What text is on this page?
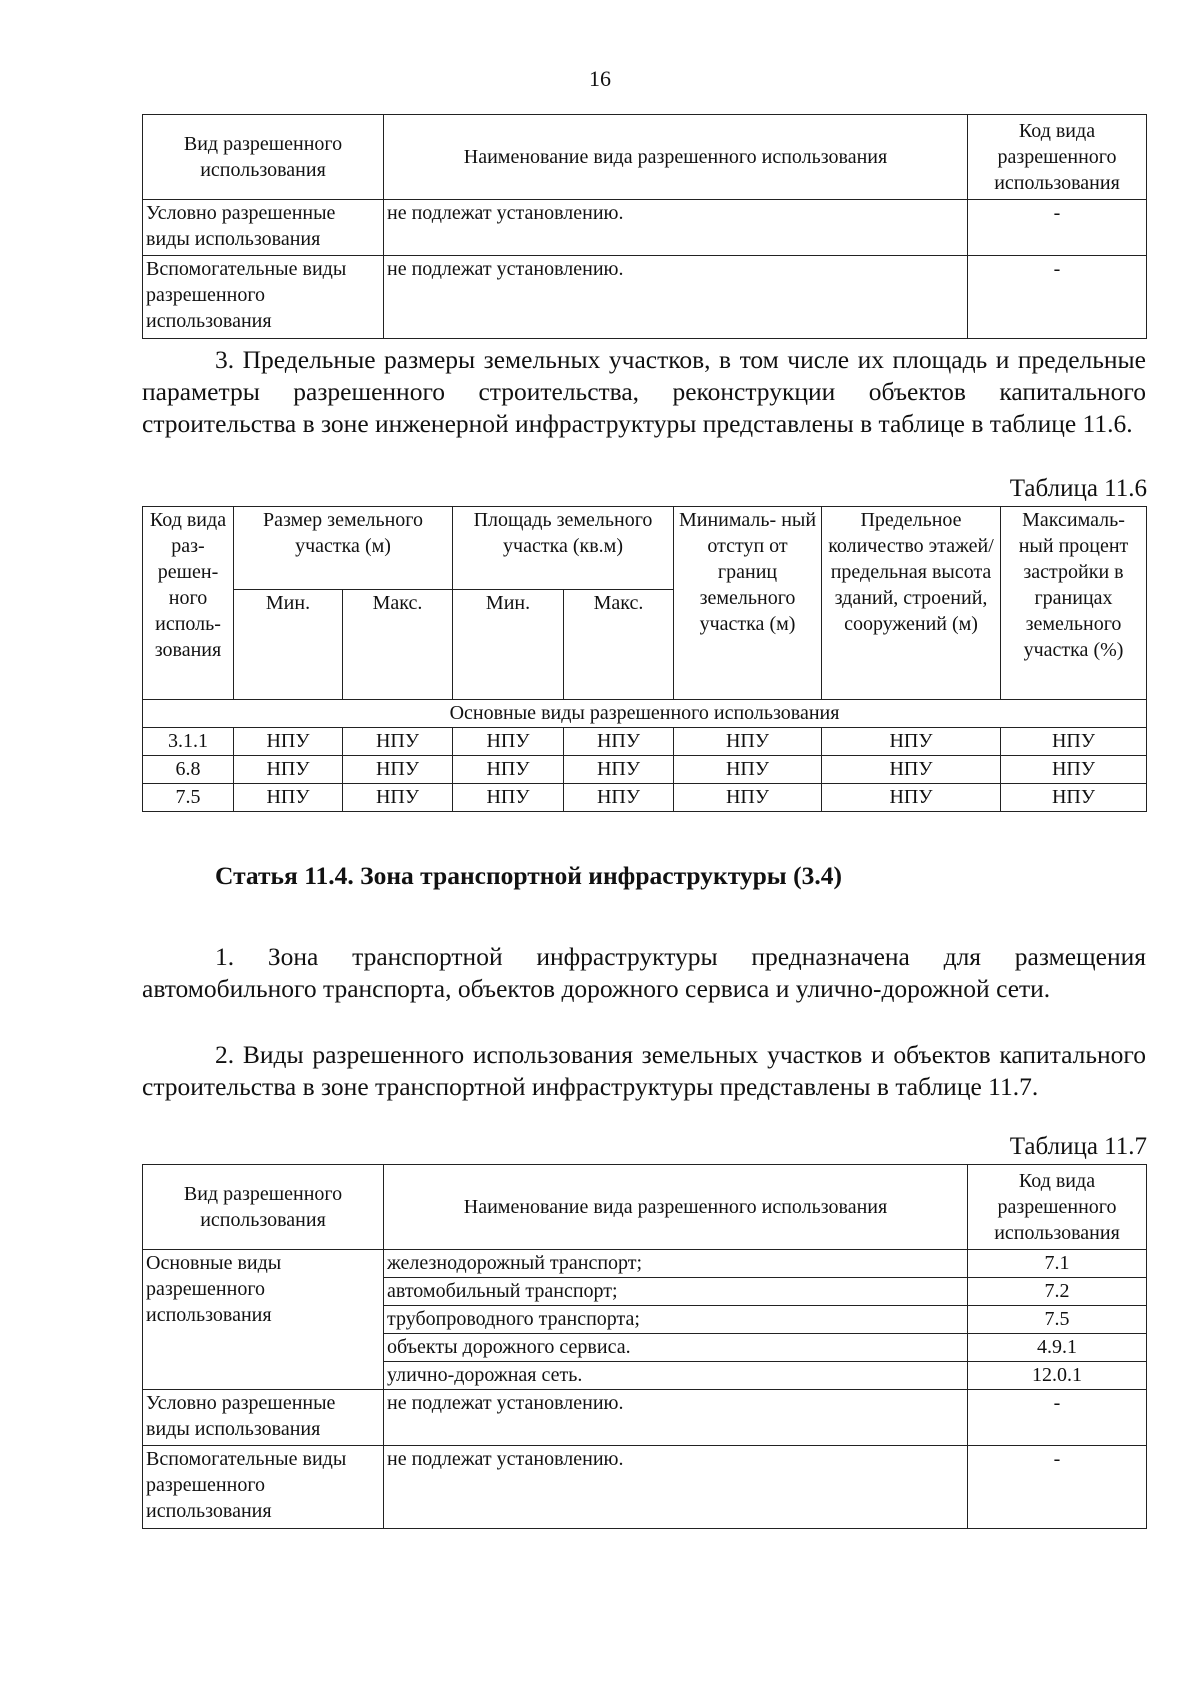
16
Вид разрешенного использования	Наименование вида разрешенного использования	Код вида разрешенного использования
Условно разрешенные виды использования	не подлежат установлению.	-
Вспомогательные виды разрешенного использования	не подлежат установлению.	-

3. Предельные размеры земельных участков, в том числе их площадь и предельные параметры разрешенного строительства, реконструкции объектов капитального строительства в зоне инженерной инфраструктуры представлены в таблице в таблице 11.6.

Таблица 11.6
Код вида раз- решен- ного исполь- зования	Размер земельного участка (м)		Площадь земельного участка (кв.м)		Минималь- ный отступ от границ земельного участка (м)	Предельное количество этажей/ предельная высота зданий, строений, сооружений (м)	Максималь- ный процент застройки в границах земельного участка (%)
	Мин.	Макс.	Мин.	Макс.			
Основные виды разрешенного использования							
3.1.1	НПУ	НПУ	НПУ	НПУ	НПУ	НПУ	НПУ
6.8	НПУ	НПУ	НПУ	НПУ	НПУ	НПУ	НПУ
7.5	НПУ	НПУ	НПУ	НПУ	НПУ	НПУ	НПУ
Статья 11.4. Зона транспортной инфраструктуры (3.4)

1. Зона транспортной инфраструктуры предназначена для размещения автомобильного транспорта, объектов дорожного сервиса и улично-дорожной сети.

2. Виды разрешенного использования земельных участков и объектов капитального строительства в зоне транспортной инфраструктуры представлены в таблице 11.7.

Таблица 11.7
Вид разрешенного использования	Наименование вида разрешенного использования	Код вида разрешенного использования
Основные виды разрешенного использования	железнодорожный транспорт;	7.1
	автомобильный транспорт;	7.2
	трубопроводного транспорта;	7.5
	объекты дорожного сервиса.	4.9.1
	улично-дорожная сеть.	12.0.1
Условно разрешенные виды использования	не подлежат установлению.	-
Вспомогательные виды разрешенного использования	не подлежат установлению.	-
